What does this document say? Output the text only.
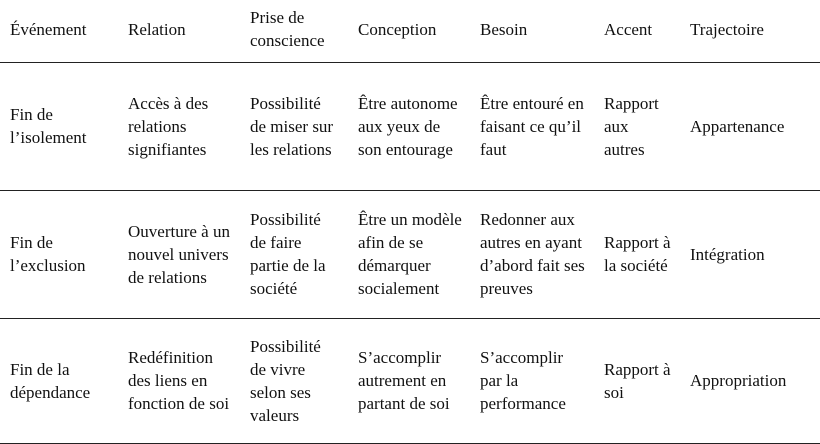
Événement	Relation	Prise de conscience	Conception	Besoin	Accent	Trajectoire

Fin de l’isolement	Accès à des relations signifiantes	Possibilité de miser sur les relations	Être autonome aux yeux de son entourage	Être entouré en faisant ce qu’il faut	Rapport aux autres	Appartenance

Fin de l’exclusion	Ouverture à un nouvel univers de relations	Possibilité de faire partie de la société	Être un modèle afin de se démarquer socialement	Redonner aux autres en ayant d’abord fait ses preuves	Rapport à la société	Intégration

Fin de la dépendance	Redéfinition des liens en fonction de soi	Possibilité de vivre selon ses valeurs	S’accomplir autrement en partant de soi	S’accomplir par la performance	Rapport à soi	Appropriation
